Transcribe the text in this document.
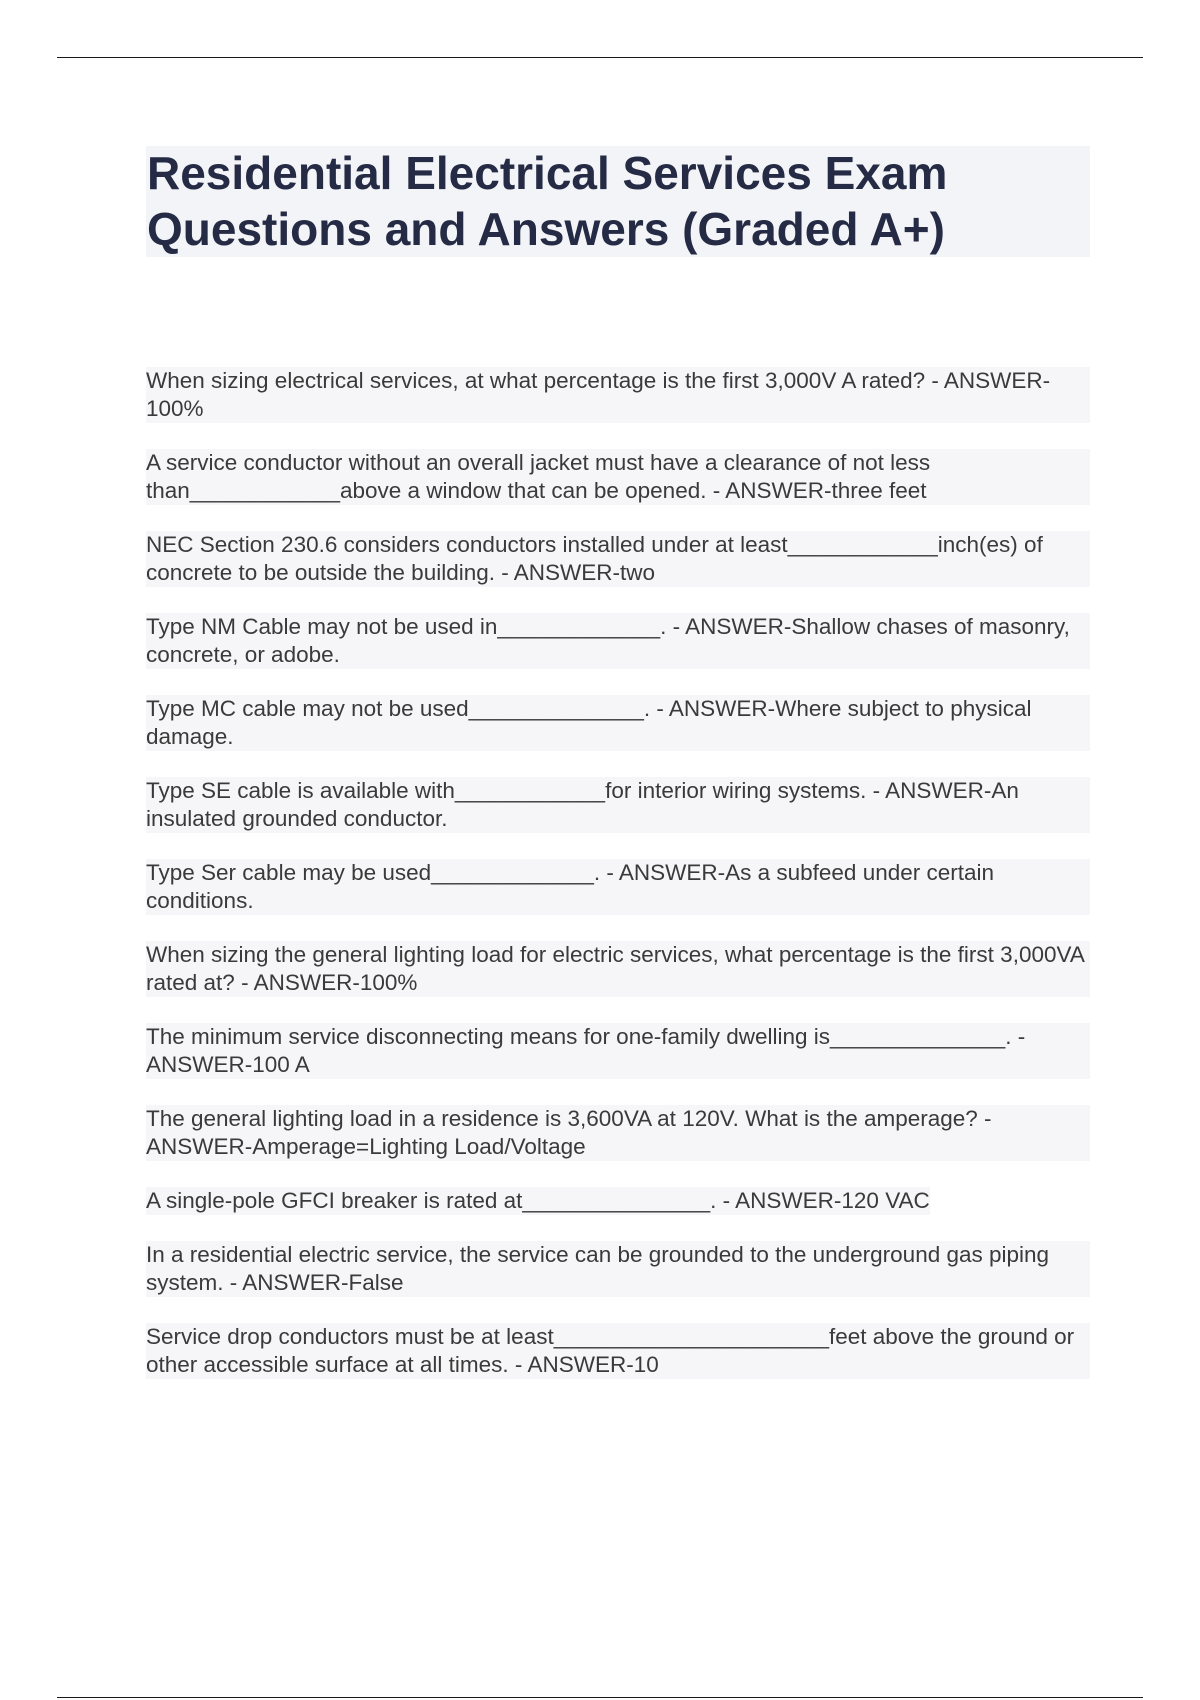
Residential Electrical Services Exam Questions and Answers (Graded A+)

When sizing electrical services, at what percentage is the first 3,000V A rated? - ANSWER-100%

A service conductor without an overall jacket must have a clearance of not less than____________above a window that can be opened. - ANSWER-three feet

NEC Section 230.6 considers conductors installed under at least____________inch(es) of concrete to be outside the building. - ANSWER-two

Type NM Cable may not be used in_____________. - ANSWER-Shallow chases of masonry, concrete, or adobe.

Type MC cable may not be used______________. - ANSWER-Where subject to physical damage.

Type SE cable is available with____________for interior wiring systems. - ANSWER-An insulated grounded conductor.

Type Ser cable may be used_____________. - ANSWER-As a subfeed under certain conditions.

When sizing the general lighting load for electric services, what percentage is the first 3,000VA rated at? - ANSWER-100%

The minimum service disconnecting means for one-family dwelling is______________. - ANSWER-100 A

The general lighting load in a residence is 3,600VA at 120V. What is the amperage? - ANSWER-Amperage=Lighting Load/Voltage

A single-pole GFCI breaker is rated at_______________. - ANSWER-120 VAC

In a residential electric service, the service can be grounded to the underground gas piping system. - ANSWER-False

Service drop conductors must be at least______________________feet above the ground or other accessible surface at all times. - ANSWER-10
